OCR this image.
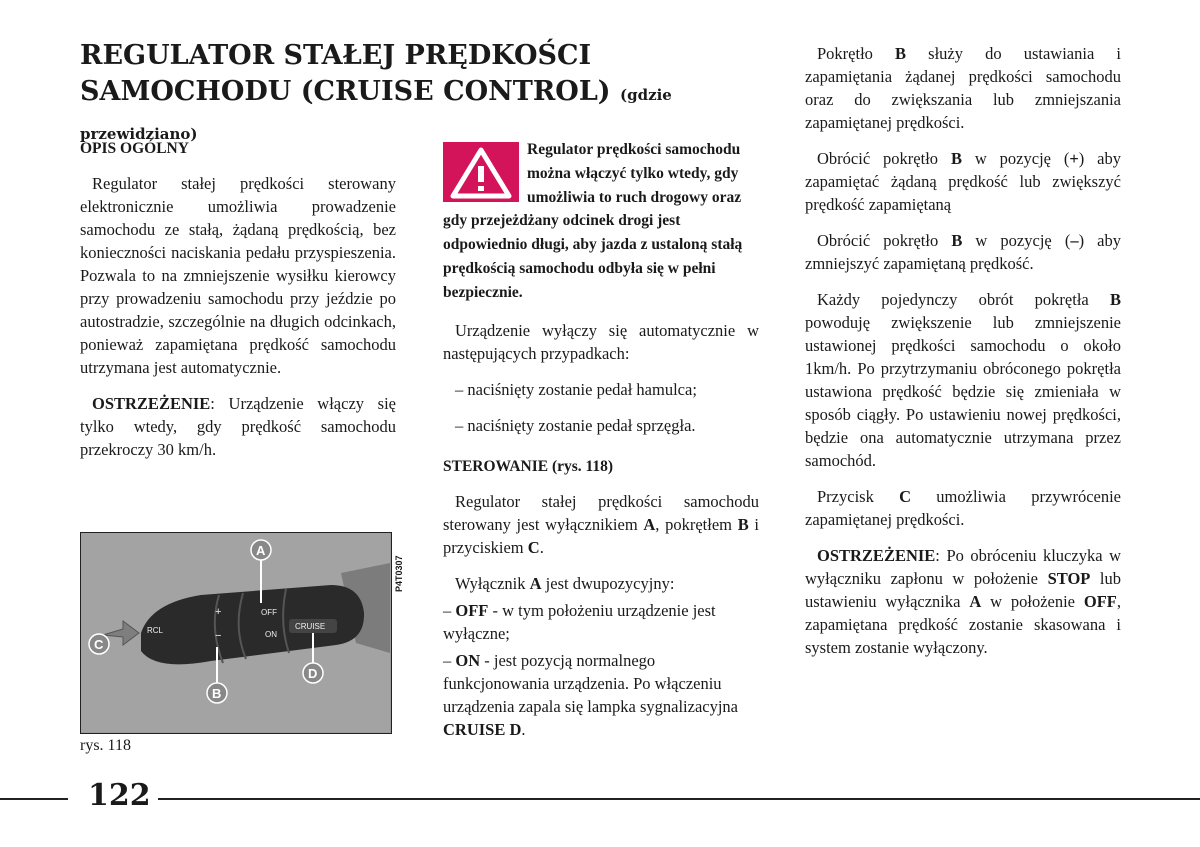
REGULATOR STAŁEJ PRĘDKOŚCI
SAMOCHODU (CRUISE CONTROL) (gdzie przewidziano)
OPIS OGÓLNY

Regulator stałej prędkości sterowany elektronicznie umożliwia prowadzenie samochodu ze stałą, żądaną prędkością, bez konieczności naciskania pedału przyspieszenia. Pozwala to na zmniejszenie wysiłku kierowcy przy prowadzeniu samochodu przy jeździe po autostradzie, szczególnie na długich odcinkach, ponieważ zapamiętana prędkość samochodu utrzymana jest automatycznie.

OSTRZEŻENIE: Urządzenie włączy się tylko wtedy, gdy prędkość samochodu przekroczy 30 km/h.

RCL
+
−
OFF
ON
CRUISE
A
C
B
D
P4T0307
rys. 118
Regulator prędkości samochodu można włączyć tylko wtedy, gdy umożliwia to ruch drogowy oraz gdy przejeżdżany odcinek drogi jest odpowiednio długi, aby jazda z ustaloną stałą prędkością samochodu odbyła się w pełni bezpiecznie.

Urządzenie wyłączy się automatycznie w następujących przypadkach:

– naciśnięty zostanie pedał hamulca;

– naciśnięty zostanie pedał sprzęgła.

STEROWANIE (rys. 118)

Regulator stałej prędkości samochodu sterowany jest wyłącznikiem A, pokrętłem B i przyciskiem C.

Wyłącznik A jest dwupozycyjny:

– OFF - w tym położeniu urządzenie jest wyłączne;

– ON - jest pozycją normalnego funkcjonowania urządzenia. Po włączeniu urządzenia zapala się lampka sygnalizacyjna CRUISE D.

Pokrętło B służy do ustawiania i zapamiętania żądanej prędkości samochodu oraz do zwiększania lub zmniejszania zapamiętanej prędkości.

Obrócić pokrętło B w pozycję (+) aby zapamiętać żądaną prędkość lub zwiększyć prędkość zapamiętaną

Obrócić pokrętło B w pozycję (–) aby zmniejszyć zapamiętaną prędkość.

Każdy pojedynczy obrót pokrętła B powoduję zwiększenie lub zmniejszenie ustawionej prędkości samochodu o około 1km/h. Po przytrzymaniu obróconego pokrętła ustawiona prędkość będzie się zmieniała w sposób ciągły. Po ustawieniu nowej prędkości, będzie ona automatycznie utrzymana przez samochód.

Przycisk C umożliwia przywrócenie zapamiętanej prędkości.

OSTRZEŻENIE: Po obróceniu kluczyka w wyłączniku zapłonu w położenie STOP lub ustawieniu wyłącznika A w położenie OFF, zapamiętana prędkość zostanie skasowana i system zostanie wyłączony.

122
